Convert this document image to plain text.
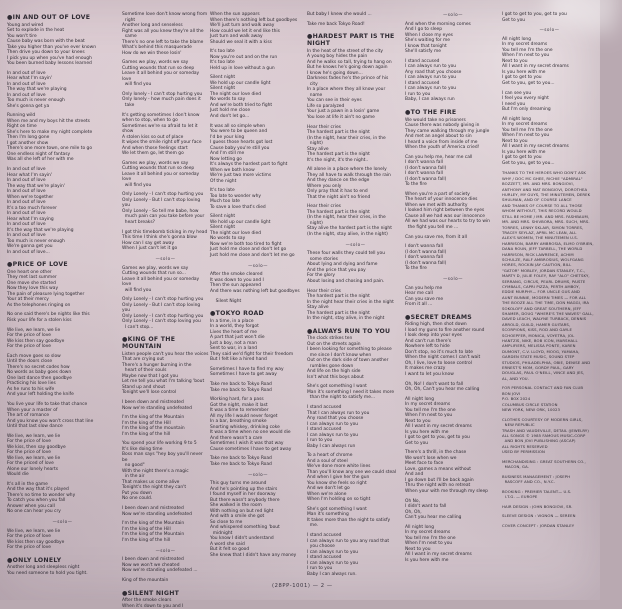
●IN AND OUT OF LOVE
Young and wired
Set to explode in the heat
You won't tire
Cause baby was born with the beat
Take you higher than you've ever known
Then drive you down to your knees
I pick you up when you've had enough
You been burned baby lessons learned
In and out of love
Hear what I'm sayin'
In and out of love
The way that we're playing
In and out of love
Too much is never enough
She's gonna get ya
Running wild
When me and my boys hit the streets
Right on time
She's here to make my night complete
Then I'm long gone
I got another show
There's one more town, one mile to go
One endless night of fantasy
Was all she left of her with me
In and out of love
Hear what I'm sayin'
In and out of love
The way that we're playin'
In and out of love
When we're together
In and out of love
It's a too much forever
In and out of love
Hear what I'm saying
In and out of love
It's the way that we're playing
In and out of love
Too much is never enough
We're gonna get you
In and out of love...
●PRICE OF LOVE
One heart one other
They met last summer
One move she started
Now they love this way
The pain of pleasure lying together
Your at their mercy
As the telephones ringing on
No one said there's be nights like this
Risk your life for a stolen kiss
We live, we learn, we lie
For the price of love
We kiss then say goodbye
For the price of love
Each move goes so slow
Until the doors close
There's no secret codes how
No words as baby goes down
One last dance then goodbye
Practicing his love lies
As he runs to his wife
And your left holding the knife
You live your life to take that chance
When your a master of
The art of romance
And you know you won't cross that line
Until that last slow dance
We live, we learn, we lie
For the price of love
We kiss, then say goodbye
For the price of love
We live, we learn, we lie
For the priced of love
Alone our lonely hearts
Would die
It's all in the game
And the way that it's played
There's no time to wonder why
To catch you when you fall
Answer when you call
No one can hear you cry
—solo—
We live, we learn, we lie
For the price of love
We kiss then say goodbye
For the price of love
●ONLY LONELY
Another long and sleepless night
You need someone to hold you tight.
Sometime love don't know wrong from
right
Another long and senseless
Fight was all you knew they're all the
same
There's no one left to take the blame
What's behind this masquerade
How do we win these losin'
Games we play, words we say
Cutting wounds that run so deep
Leave it all behind you or someday love
will find you
Only lonely - I can't stop hurting you
Only lonely - how much pain does it
take
It's getting sometimes I don't know
when to stop, when to go
Sometimes we're so afraid to let it show
A stolen kiss so out of place
It wipes the smile right off your face
And when those feelings start
We let them go, let them go
Games we play, words we say
Cutting wounds that run so deep
Leave it all behind you or someday love
will find you
Only Lonely - I can't stop hurting you
Only Lonely - But I can't stop loving you
Only Lonely - So tell me babe, how
much pain can you take before your
heart breaks?
I got this timebomb ticking in my head
This time I think she's gonna blow
How can I say get away
When I just can't let it go
—solo—
Games we play, words we say
Cutting wounds that run so...
Leave it all behind you or someday love
will find you
Only Lonely - I can't stop hurting you
Only Lonely - But I can't stop loving you
Only Lonely - I can't stop hurting you
Only Lonely - I can't stop loving you
I can't stop...
●KING OF THE MOUNTAIN
Listen people can't you hear the voices
That are crying out
There's a hunger burning in the
heart of their souls
Maybe now that I got you
Let me tell you what I'm talking 'bout
Stand up and shout
Tonight we'll lose control
I been down and mistreated
Now we're standing undefeated
I'm the king of the Mountain
I'm the king of the Hill
I'm the king of the mountain
I'm the king of the hill
You spend your life working 9 to 5
It's like doing time
Boss man says "hey boy you'll never be
no good"
With the night there's a magic
in the air
That makes us come alive
Tonight's the night they can't
Put you down
No one could.
I been down and mistreated
Now we're standing undefeated
I'm the king of the Mountain
I'm the king of the Hill
I'm the king of the Mountain
I'm the king of the hill
—solo—
I been down and mistreated
Now we won't we cheated
Now we're standing undefeated ...
King of the mountain
●SILENT NIGHT
After the smoke clears
When it's down to you and I
When the sun appears
When there's nothing left but goodbyes
We'll just turn and walk away
How could we let it end like this
Just turn and walk away
Should we seal it with a kiss
It's too late
Now you're out and on the run
It's too late
Held up in love without a gun
Silent night
We hold up our candle light
Silent night
The night our love died
No words to say
And we're both tried to fight
Just hold me close
And don't let go...
It was all so simple when
You were to be queen and
I'd be your king
I guess those hearts got lost
Cause baby you're still you
And I'm still me
Now letting go
It's always the hardest part to fight
When we both know
We're just two more victims
Of the night
It's too late
Too late to wonder why
Much too late
To save a love that's died
Silent night
We hold up our candle light
Silent night
The night our love died
No words to say
Now we're both too tired to fight
Just hold me close and don't let go
Just hold me close and don't let me go
—solo—
After the smoke cleared
It was down to you and I
Then the sun appeared
And there was nothing left but goodbyes
Silent Night
●TOKYO ROAD
In a time, in a place
In a world, they forgot
Lives the heart of me
A part that just won't die
Just a boy, not a man
Sent to war, in a land
They said we'd fight for their freedom
But I felt like a hired hand
Sometimes I have to find my way
Sometimes I have to get away
Take me back to Tokyo Road
Take me back to Tokyo Road
Working hard, for a pass
Got the night, make it last
It was a time to remember
All my life I would never forget
In a bar, breathing smoke
Snorting whiskey, drinking coke
It was a time when no one would die
And there wasn't a care
Sometimes I wish it was that way
Cause sometimes I have to get away
Take me back to Tokyo Road
Take me back to Tokyo Road
—solo—
This guy turns me around
And he's pointing up the stairs
I found myself in her doorway
But there wasn't anybody there
She walked in the room
With nothing on but red light
And with a smile she got
So close to me
And whispered something 'bout
midnight
You know I didn't understand
A word she said
But it felt so good
She knew that I didn't have any money
But baby I knew she would ...
Take me back Tokyo Road!
●HARDEST PART IS THE NIGHT
In the heat of the street of the city
A young boy hides the pain
And he walks so tall, trying to hang on
But he knows he's going down again
I know he's going down...
Darkness fades he's the prince of his
city
In a place where they all know your
name
You can see in their eyes
Life so paralyzed
Your just a pawn in a losin' game
You lose at life it ain't no game
Hear their cries
The hardest part is the night
(In the night, hear their cries, in the
night)
Stay alive
The hardest part is the night
It's the night, it's the night..
All alone in a place where the lonely
They all have to walk through the rain
And they dance on the edge
Where you only
Only pray that it has to end
That the night ain't no friend
Hear their cries
The hardest part is the night
(In the night, hear their cries, in the
night)
Stay alive the hardest part is the night
(In the night, stay alive, in the night)
—solo—
These four walls they could tell you
some stories
About lying and dying and fame
And the price that you pay
For the glory
About losing and chosing and pain.
Hear their cries
The hardest part is the night
In the night hear their cries in the night
Stay alive
The hardest part is the night
In the night, stay alive, in the night
●ALWAYS RUN TO YOU
The clock strikes ten
Out on the streets again
I been looking for something to please
me since I don't know when
Out on the dark side of town another
rumbles gone down
And life on the high side
Isn't what this boys about
She's got something I want
Man it's something I need it takes more
than the night to satisfy me...
I stand accused
That I can always run to you
Any road that you choose
I can always run to you
I stand accused
I can always run to you
I run to you
Baby I can always run
To a heart of chrome
And a soul of steel
We've done more white lines
Than you'll know any one we could steal
And when I give her the gun
You know she feels so right
And we don't let go
When we're alone
When I'm holding on so tight
She's got something I want
Man it's something
It takes more than the night to satisfy
me.
I stand accused
I can always run to you any road that
you choose
I can always run to you
I stand accused
I can always run to you
I run to you
Baby I can always run.
—solo—
And when the morning comes
And I go to sleep
When I close my eyes
She's waiting for me
I know that tonight
She'll satisfy me
I stand accused
I can always run to you
Any road that you choose
I can always run to you
I stand accused
I can always run to you
I run to you
Baby, I can always run
●TO THE FIRE
We would take no prisoners
Cause there was nobody giving in
They came walking through my jungle
And met an angel about to sin
I heard a voice from inside of me
When the youth of America cried!
Can you help me, hear me call
I don't wanna fall
(I don't wanna fall)
I don't wanna fall
(I don't wanna fall)
To the fire
When you're a part of society
The heart of your innocence dies
When we met with authority
I looked him right between the eyes
Cause all we had was our innocence
All we had was our hearts to try to win
the fight you tell me ...
Can you save me, from it all
I don't wanna fall
(I don't wanna fall)
I don't wanna fall
(I don't wanna fall)
To the fire
—solo—
Can you help me
Hear me call
Can you save me
From it all ...
●SECRET DREAMS
Riding high, then shot down
I load my guns to fire another round
I look deep into your eyes
And can't run there's
Nowhere left to hide
Don't stop, no it's much to late
When the night comes I can't wait
Oh, I live, love to loose control
It makes me crazy
I want to let you know
Oh, No! I don't want to fall
Oh, Oh, Can't you hear me calling
All night long
In my secret dreams
You tell me I'm the one
When I'm next to you
Next to you
All I want in my secret dreams
Is you here with me
I got to get to you, get to you
Get to you
There's a thrill, in the chase
We won't lose when we
Meet face to face
Love, games a means without
And and
I go down but I'll be back again
Thru the night with no retreat
When your with me through my sleep
Oh No,
I didn't want to fall
Oh, Oh,
Can't you hear me calling
All night long
In my secret dreams
You tell me I'm the one
When I'm next to you
Next to you
All I want in my secret dreams
Is you here with me
I got to get to you, get to you
Get to you
—solo—
All night long
In my secret dreams
You tell me I'm the one
When I'm next to you
Next to you
All I want in my secret dreams
Is you here with me
I got to get to you
Get to you, get to you...
I can see you
I feel you every night
I need you
But I'm only dreaming
All night long
In my secret dreams
You tell me I'm the one
When I'm next to you
Next to you
All I want in my secret dreams
Is you here with me
I got to get to you
Get to you, get to you...
THANKS TO THE HEROES WHO DON'T ASK
WHY / DOC MC GHEE, RICHIE "ADMIRAL"
BOZZETT, MR. AND MRS. BONGIOVI,
ANTHONY AND MAT BONGIOVI, DOROTHEA
HURLEY, MY GUYS, THE MINUTEMEN, DEREK
SHULMAN, AND OF COURSE LANCE
AND THANKS OF COURSE TO ALL THOSE
WHOM WITHOUT, THIS RECORD WOULD
STILL BE HOME / MR. AND MRS. FASHBAUM,
MR. AND MRS. SHIVBORA, MRS. SUCH, MRS.
TORRES, LENNY SKLAIR, SIMON TORRES,
TRACEY SEYLAZ, APRIL MC LEAN, ALL
ALEX'S WOMEN, THE MINUTEMEN U.S.
HARRISON, BARRY AMBROSIA, ELMO O'BRIEN,
DANA ROUN, JEFF TARBELL, THE WORLD
HARRISON, RICK LAWRENCE, ACHIM
SCHULZE, RALF AMBROSIUS, WOLFGANG
HORES, ROCKIN JAY CAUTION, BILL
"GATOR" MOBLEY, JORDAN STANLEY, T.C.,
MARTY D, JULIE FOLEY, RAY "ALO" CHETSKY,
SERRANG, CIRCUS, PEARL DRUMS, PAISTE
CYMBALS, CAPRI PIZZA, PERTH AMBOY,
EDDIE MURPHY— FOR UNCLE GUS AND
AUNT BUNNIE, MODERN TIMES — FOR ALL
THE BOOZE ALL THE TIME, DON MAGGI, IRA
SOKOLOFF AND GREAT SOUTHERN, JEFF
SHAMER, DOUG "WHERE'S THE WAVES" GALL,
DAVED LEACH, WALYNE TURBACK, DENNIS
ARROLD, GUILD, HAMER GUITARS,
SCORPIONS, KISS, ROD AND GAYLE
SCHOEPFER, MONICA, VOYETRA, JOL
HANTZIS, NIKE, BOB ICON, MARSHALL
AMPLIFIERS, MELISSA PONTE, KAREN
DUMONT, C.V. LLOYD, MOOG, YAMAHA,
GARDEN STATE MUSIC, SOUND STEP
STUDIOS, PHILADELPHIA, OBIE, DENISE AND
ERNEST'S MOM, GORDY PAUL, GARY
DOUGLAS, PAUL O'NEILL, VINCE AND JES,
AL, AND YOU.
FOR PERSONAL CONTACT AND FAN CLUB
BON JOVI
P.O. BOX 2024
COLUMBUS CIRCLE STATION
NEW YORK, NEW ORK, 10023
CLOTHES COURTESY OF MODERN GIRLS,
NEW REPUBLIC
TRASH AND VAUDEVILLE, DETAIL (JEWELRY)
ALL SONGS © 1985 FAMOUS MUSIC-CORP
AND BON JOVI PUBLISHING (ASCAP)
ALL RIGHTS RESERVED
USED BY PERMISSION
MERCHANDISING : GREAT SOUTHERN CO.,
MACON, GA.
BUSINESS MANAGEMENT : JOSEPH
RASCOFF AND CO., N.Y.C.
BOOKING : PREMIER TALENT— U.S.
I.T.G. — EUROPE
HAIR DESIGN : JOHN BONGIOVI, SR.
SLEEVE DESIGN : VIGNON — SEREEN
COVER CONCEPT : JORDAN STANLEY
(28PP-1001) — 2 —
